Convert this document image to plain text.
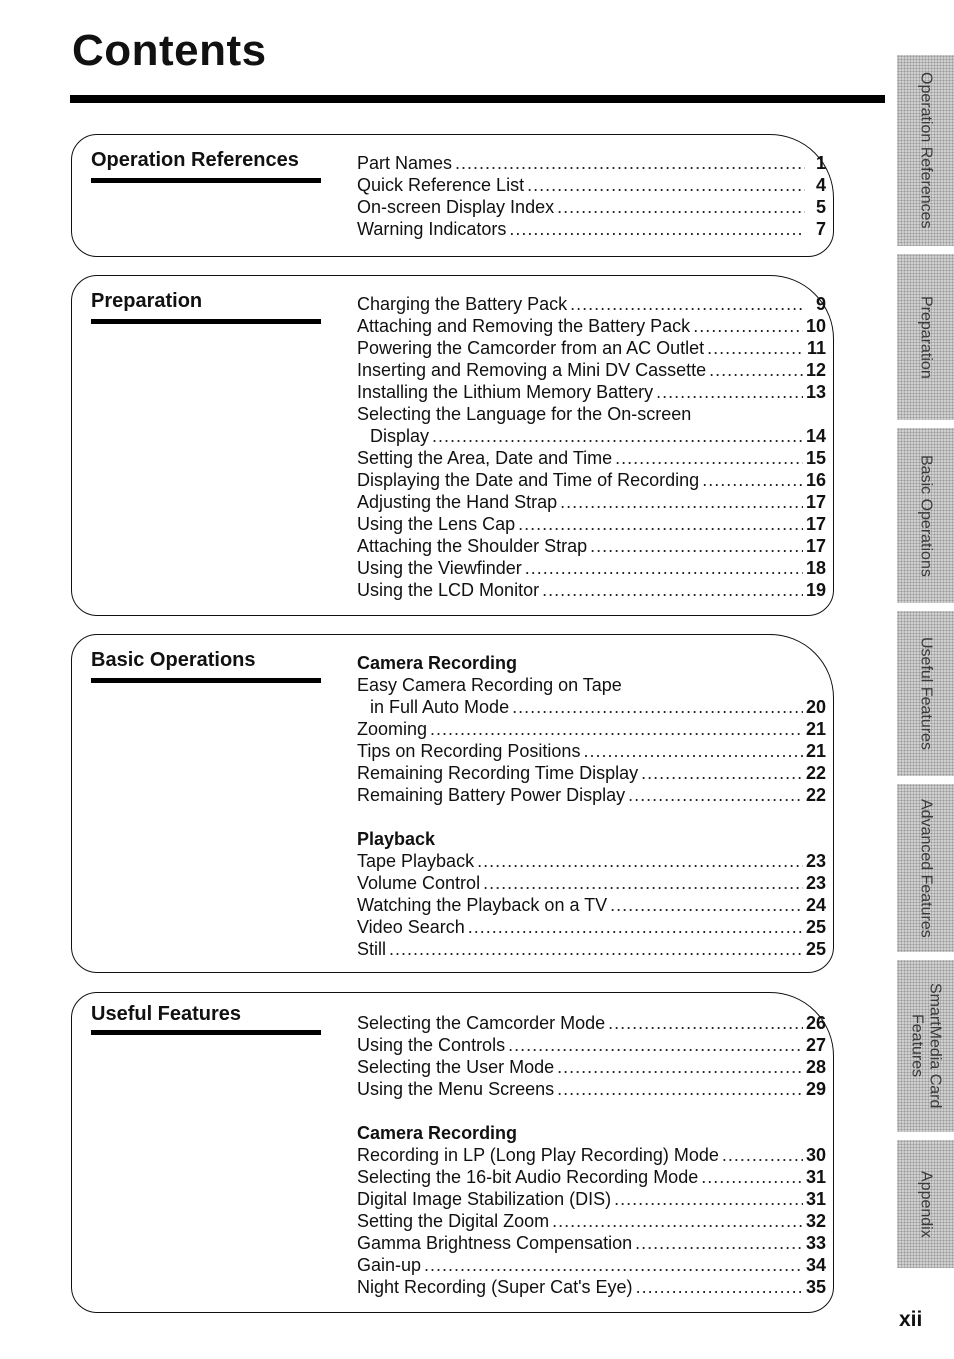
Contents
Operation References	Part Names .....	1
Quick Reference List .....	4
On-screen Display Index .....	5
Warning Indicators .....	7
Preparation	Charging the Battery Pack .....	9
Attaching and Removing the Battery Pack .....	10
Powering the Camcorder from an AC Outlet .....	11
Inserting and Removing a Mini DV Cassette .....	12
Installing the Lithium Memory Battery .....	13
Selecting the Language for the On-screen
Display .....	14
Setting the Area, Date and Time .....	15
Displaying the Date and Time of Recording .....	16
Adjusting the Hand Strap .....	17
Using the Lens Cap .....	17
Attaching the Shoulder Strap .....	17
Using the Viewfinder .....	18
Using the LCD Monitor .....	19
Basic Operations	Camera Recording
Easy Camera Recording on Tape
in Full Auto Mode .....	20
Zooming .....	21
Tips on Recording Positions .....	21
Remaining Recording Time Display .....	22
Remaining Battery Power Display .....	22
Playback
Tape Playback .....	23
Volume Control .....	23
Watching the Playback on a TV .....	24
Video Search .....	25
Still .....	25
Useful Features	Selecting the Camcorder Mode .....	26
Using the Controls .....	27
Selecting the User Mode .....	28
Using the Menu Screens .....	29
Camera Recording
Recording in LP (Long Play Recording) Mode .....	30
Selecting the 16-bit Audio Recording Mode .....	31
Digital Image Stabilization (DIS) .....	31
Setting the Digital Zoom .....	32
Gamma Brightness Compensation .....	33
Gain-up .....	34
Night Recording (Super Cat's Eye) .....	35
Operation References
Preparation
Basic Operations
Useful Features
Advanced Features
SmartMedia Card
Features
Appendix
xii
